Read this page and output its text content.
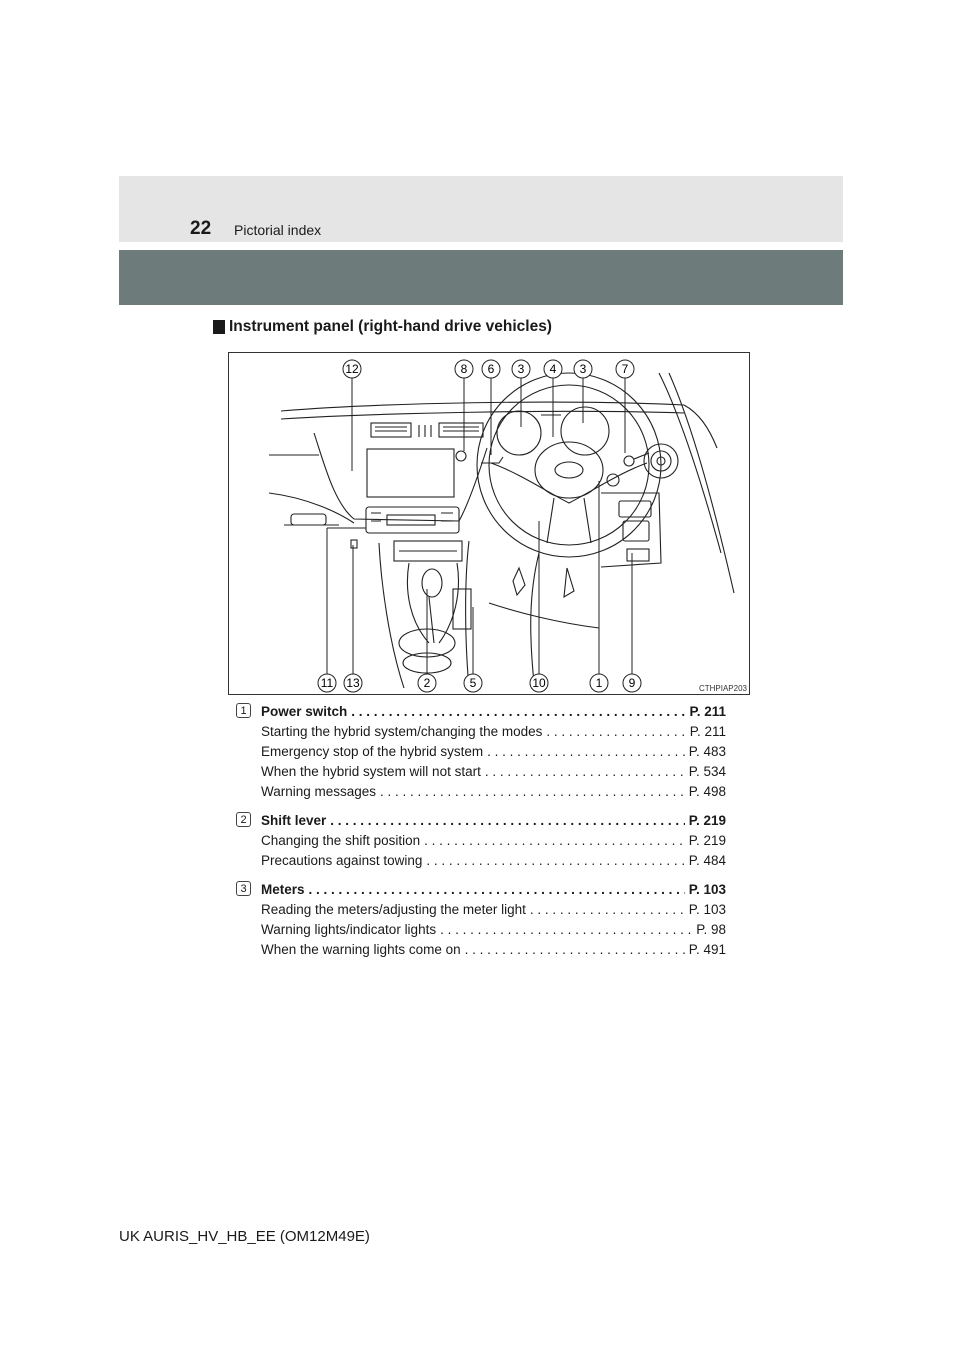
22 Pictorial index
Instrument panel (right-hand drive vehicles)
12	8 6 3 4 3	7
11 13	2	5	10	1 9	CTHPIAP203
1	Power switch . . .	P. 211
Starting the hybrid system/changing the modes . . .	P. 211
Emergency stop of the hybrid system . . .	P. 483
When the hybrid system will not start . . .	P. 534
Warning messages . . .	P. 498
2	Shift lever . . .	P. 219
Changing the shift position . . .	P. 219
Precautions against towing . . .	P. 484
3	Meters . . .	P. 103
Reading the meters/adjusting the meter light . . .	P. 103
Warning lights/indicator lights . . .	P. 98
When the warning lights come on . . .	P. 491
UK AURIS_HV_HB_EE (OM12M49E)
